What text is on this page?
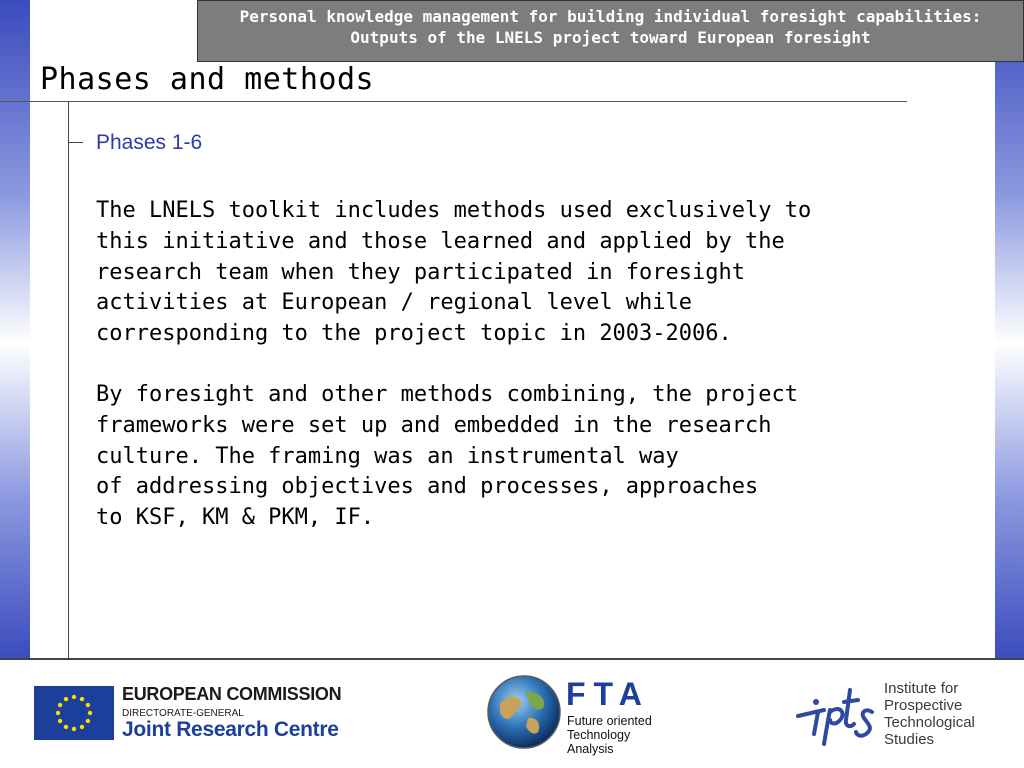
Personal knowledge management for building individual foresight capabilities:
Outputs of the LNELS project toward European foresight
Phases and methods
Phases 1-6

The LNELS toolkit includes methods used exclusively to
this initiative and those learned and applied by the
research team when they participated in foresight
activities at European / regional level while
corresponding to the project topic in 2003-2006.

By foresight and other methods combining, the project
frameworks were set up and embedded in the research
culture. The framing was an instrumental way
of addressing objectives and processes, approaches
to KSF, KM & PKM, IF.

EUROPEAN COMMISSION
DIRECTORATE-GENERAL
Joint Research Centre
FTA
Future oriented
Technology
Analysis
Institute for
Prospective
Technological
Studies
